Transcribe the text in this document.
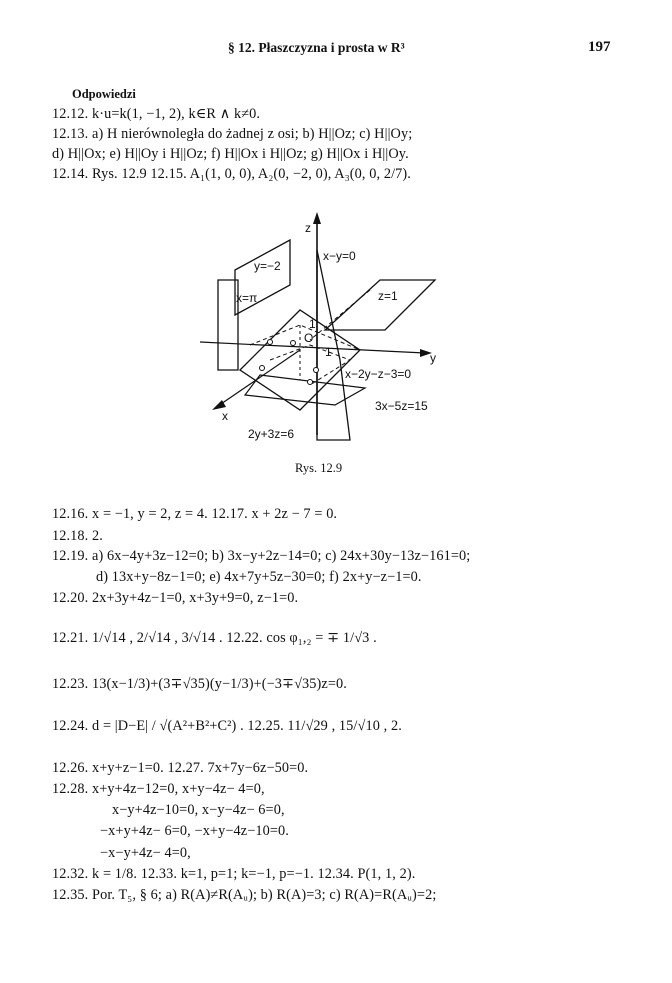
§ 12. Płaszczyzna i prosta w R³	197
Odpowiedzi
12.12. k·u=k(1, −1, 2), k∈R ∧ k≠0.
12.13. a) H nierównoległa do żadnej z osi; b) H||Oz; c) H||Oy;
d) H||Ox; e) H||Oy i H||Oz; f) H||Ox i H||Oz; g) H||Ox i H||Oy.
12.14. Rys. 12.9 12.15. A₁(1, 0, 0), A₂(0, −2, 0), A₃(0, 0, 2/7).
z
y
x
y=−2
x=π
x−y=0
z=1
O
1
1
x−2y−z−3=0
3x−5z=15
2y+3z=6
Rys. 12.9
12.16. x = −1, y = 2, z = 4. 12.17. x + 2z − 7 = 0.
12.18. 2.
12.19. a) 6x−4y+3z−12=0; b) 3x−y+2z−14=0; c) 24x+30y−13z−161=0;
d) 13x+y−8z−1=0; e) 4x+7y+5z−30=0; f) 2x+y−z−1=0.
12.20. 2x+3y+4z−1=0, x+3y+9=0, z−1=0.
12.21. 1/√14 , 2/√14 , 3/√14 . 12.22. cos φ₁,₂ = ∓ 1/√3 .
12.23. 13(x−1/3)+(3∓√35)(y−1/3)+(−3∓√35)z=0.
12.24. d = |D−E| / √(A²+B²+C²) . 12.25. 11/√29 , 15/√10 , 2.
12.26. x+y+z−1=0. 12.27. 7x+7y−6z−50=0.
12.28. x+y+4z−12=0, x+y−4z− 4=0,
x−y+4z−10=0, x−y−4z− 6=0,
−x+y+4z− 6=0, −x+y−4z−10=0.
−x−y+4z− 4=0,
12.32. k = 1/8. 12.33. k=1, p=1; k=−1, p=−1. 12.34. P(1, 1, 2).
12.35. Por. T₅, § 6; a) R(A)≠R(Aᵤ); b) R(A)=3; c) R(A)=R(Aᵤ)=2;
